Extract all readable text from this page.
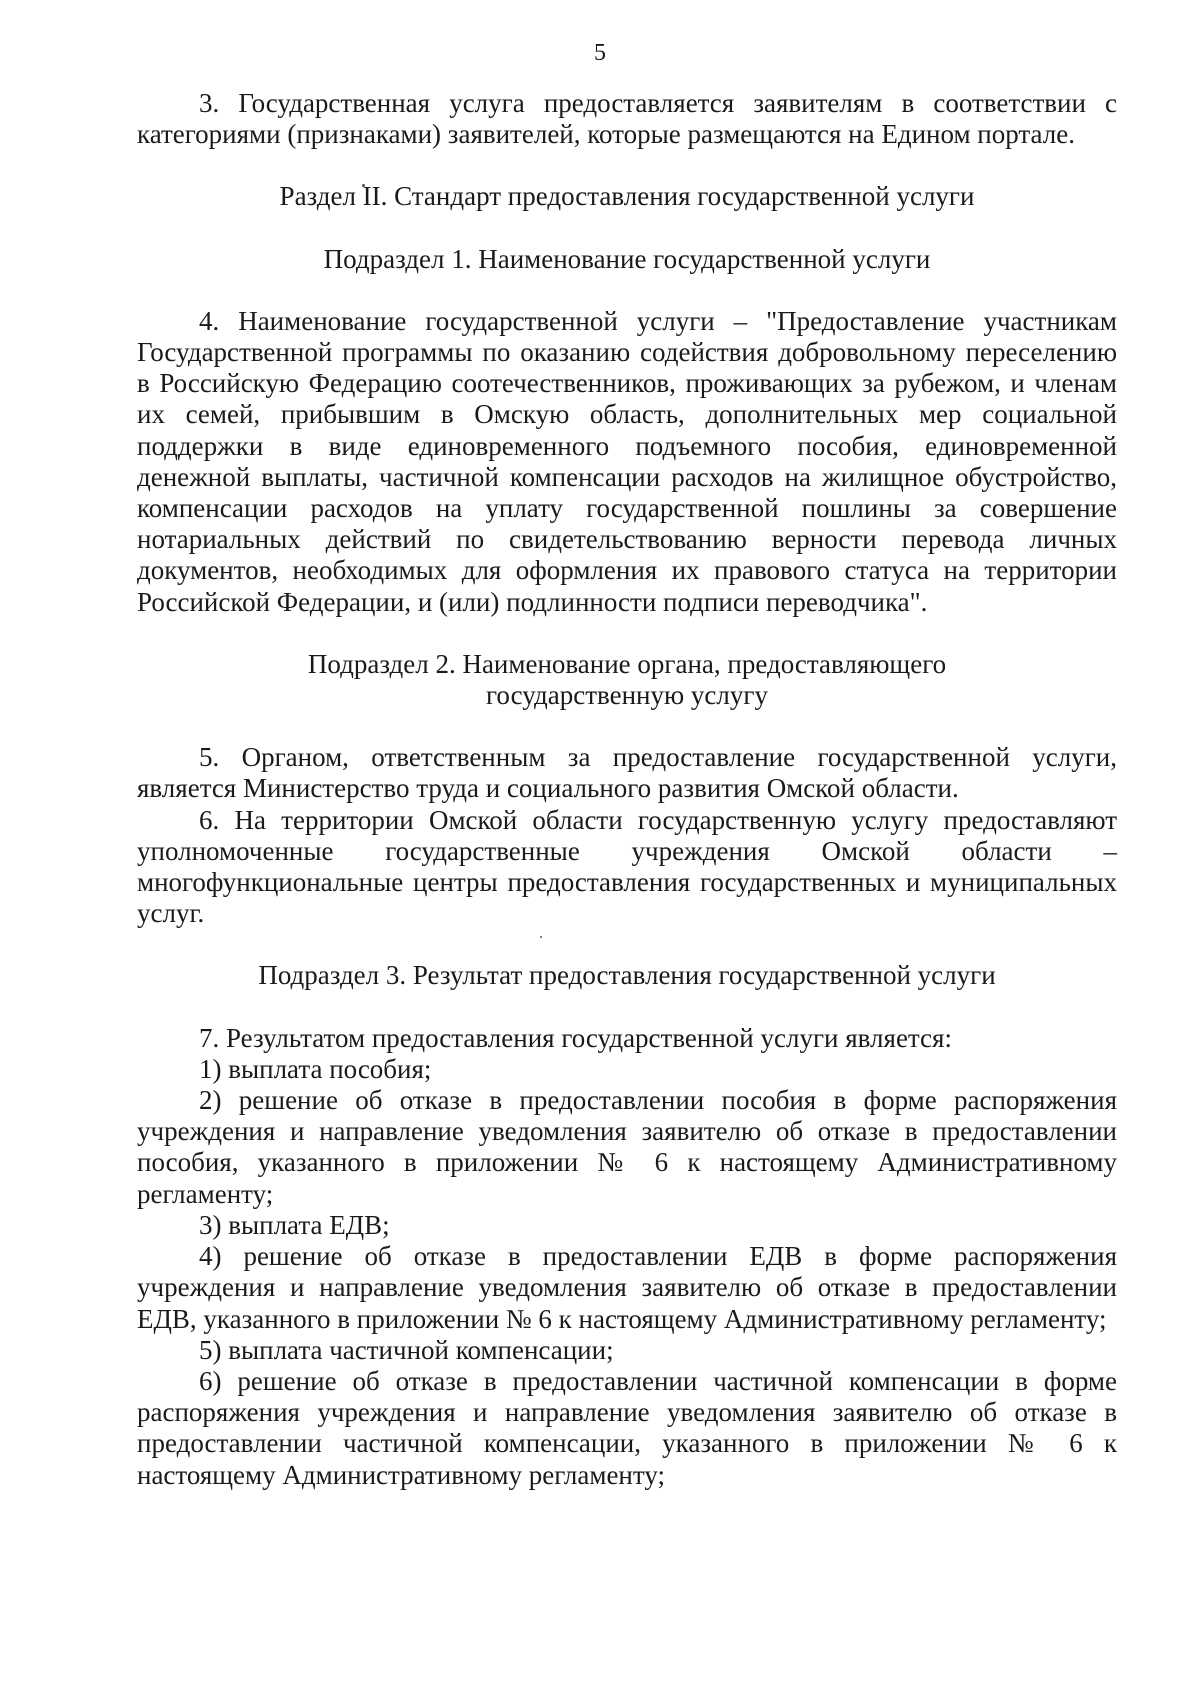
5

3. Государственная услуга предоставляется заявителям в соответствии с категориями (признаками) заявителей, которые размещаются на Едином портале.

Раздел II. Стандарт предоставления государственной услуги
Подраздел 1. Наименование государственной услуги

4. Наименование государственной услуги – "Предоставление участникам Государственной программы по оказанию содействия добровольному переселению в Российскую Федерацию соотечественников, проживающих за рубежом, и членам их семей, прибывшим в Омскую область, дополнительных мер социальной поддержки в виде единовременного подъемного пособия, единовременной денежной выплаты, частичной компенсации расходов на жилищное обустройство, компенсации расходов на уплату государственной пошлины за совершение нотариальных действий по свидетельствованию верности перевода личных документов, необходимых для оформления их правового статуса на территории Российской Федерации, и (или) подлинности подписи переводчика".

Подраздел 2. Наименование органа, предоставляющего
государственную услугу

5. Органом, ответственным за предоставление государственной услуги, является Министерство труда и социального развития Омской области.

6. На территории Омской области государственную услугу предоставляют уполномоченные государственные учреждения Омской области – многофункциональные центры предоставления государственных и муниципальных услуг.

Подраздел 3. Результат предоставления государственной услуги

7. Результатом предоставления государственной услуги является:

1) выплата пособия;

2) решение об отказе в предоставлении пособия в форме распоряжения учреждения и направление уведомления заявителю об отказе в предоставлении пособия, указанного в приложении № 6 к настоящему Административному регламенту;

3) выплата ЕДВ;

4) решение об отказе в предоставлении ЕДВ в форме распоряжения учреждения и направление уведомления заявителю об отказе в предоставлении ЕДВ, указанного в приложении № 6 к настоящему Административному регламенту;

5) выплата частичной компенсации;

6) решение об отказе в предоставлении частичной компенсации в форме распоряжения учреждения и направление уведомления заявителю об отказе в предоставлении частичной компенсации, указанного в приложении № 6 к настоящему Административному регламенту;
